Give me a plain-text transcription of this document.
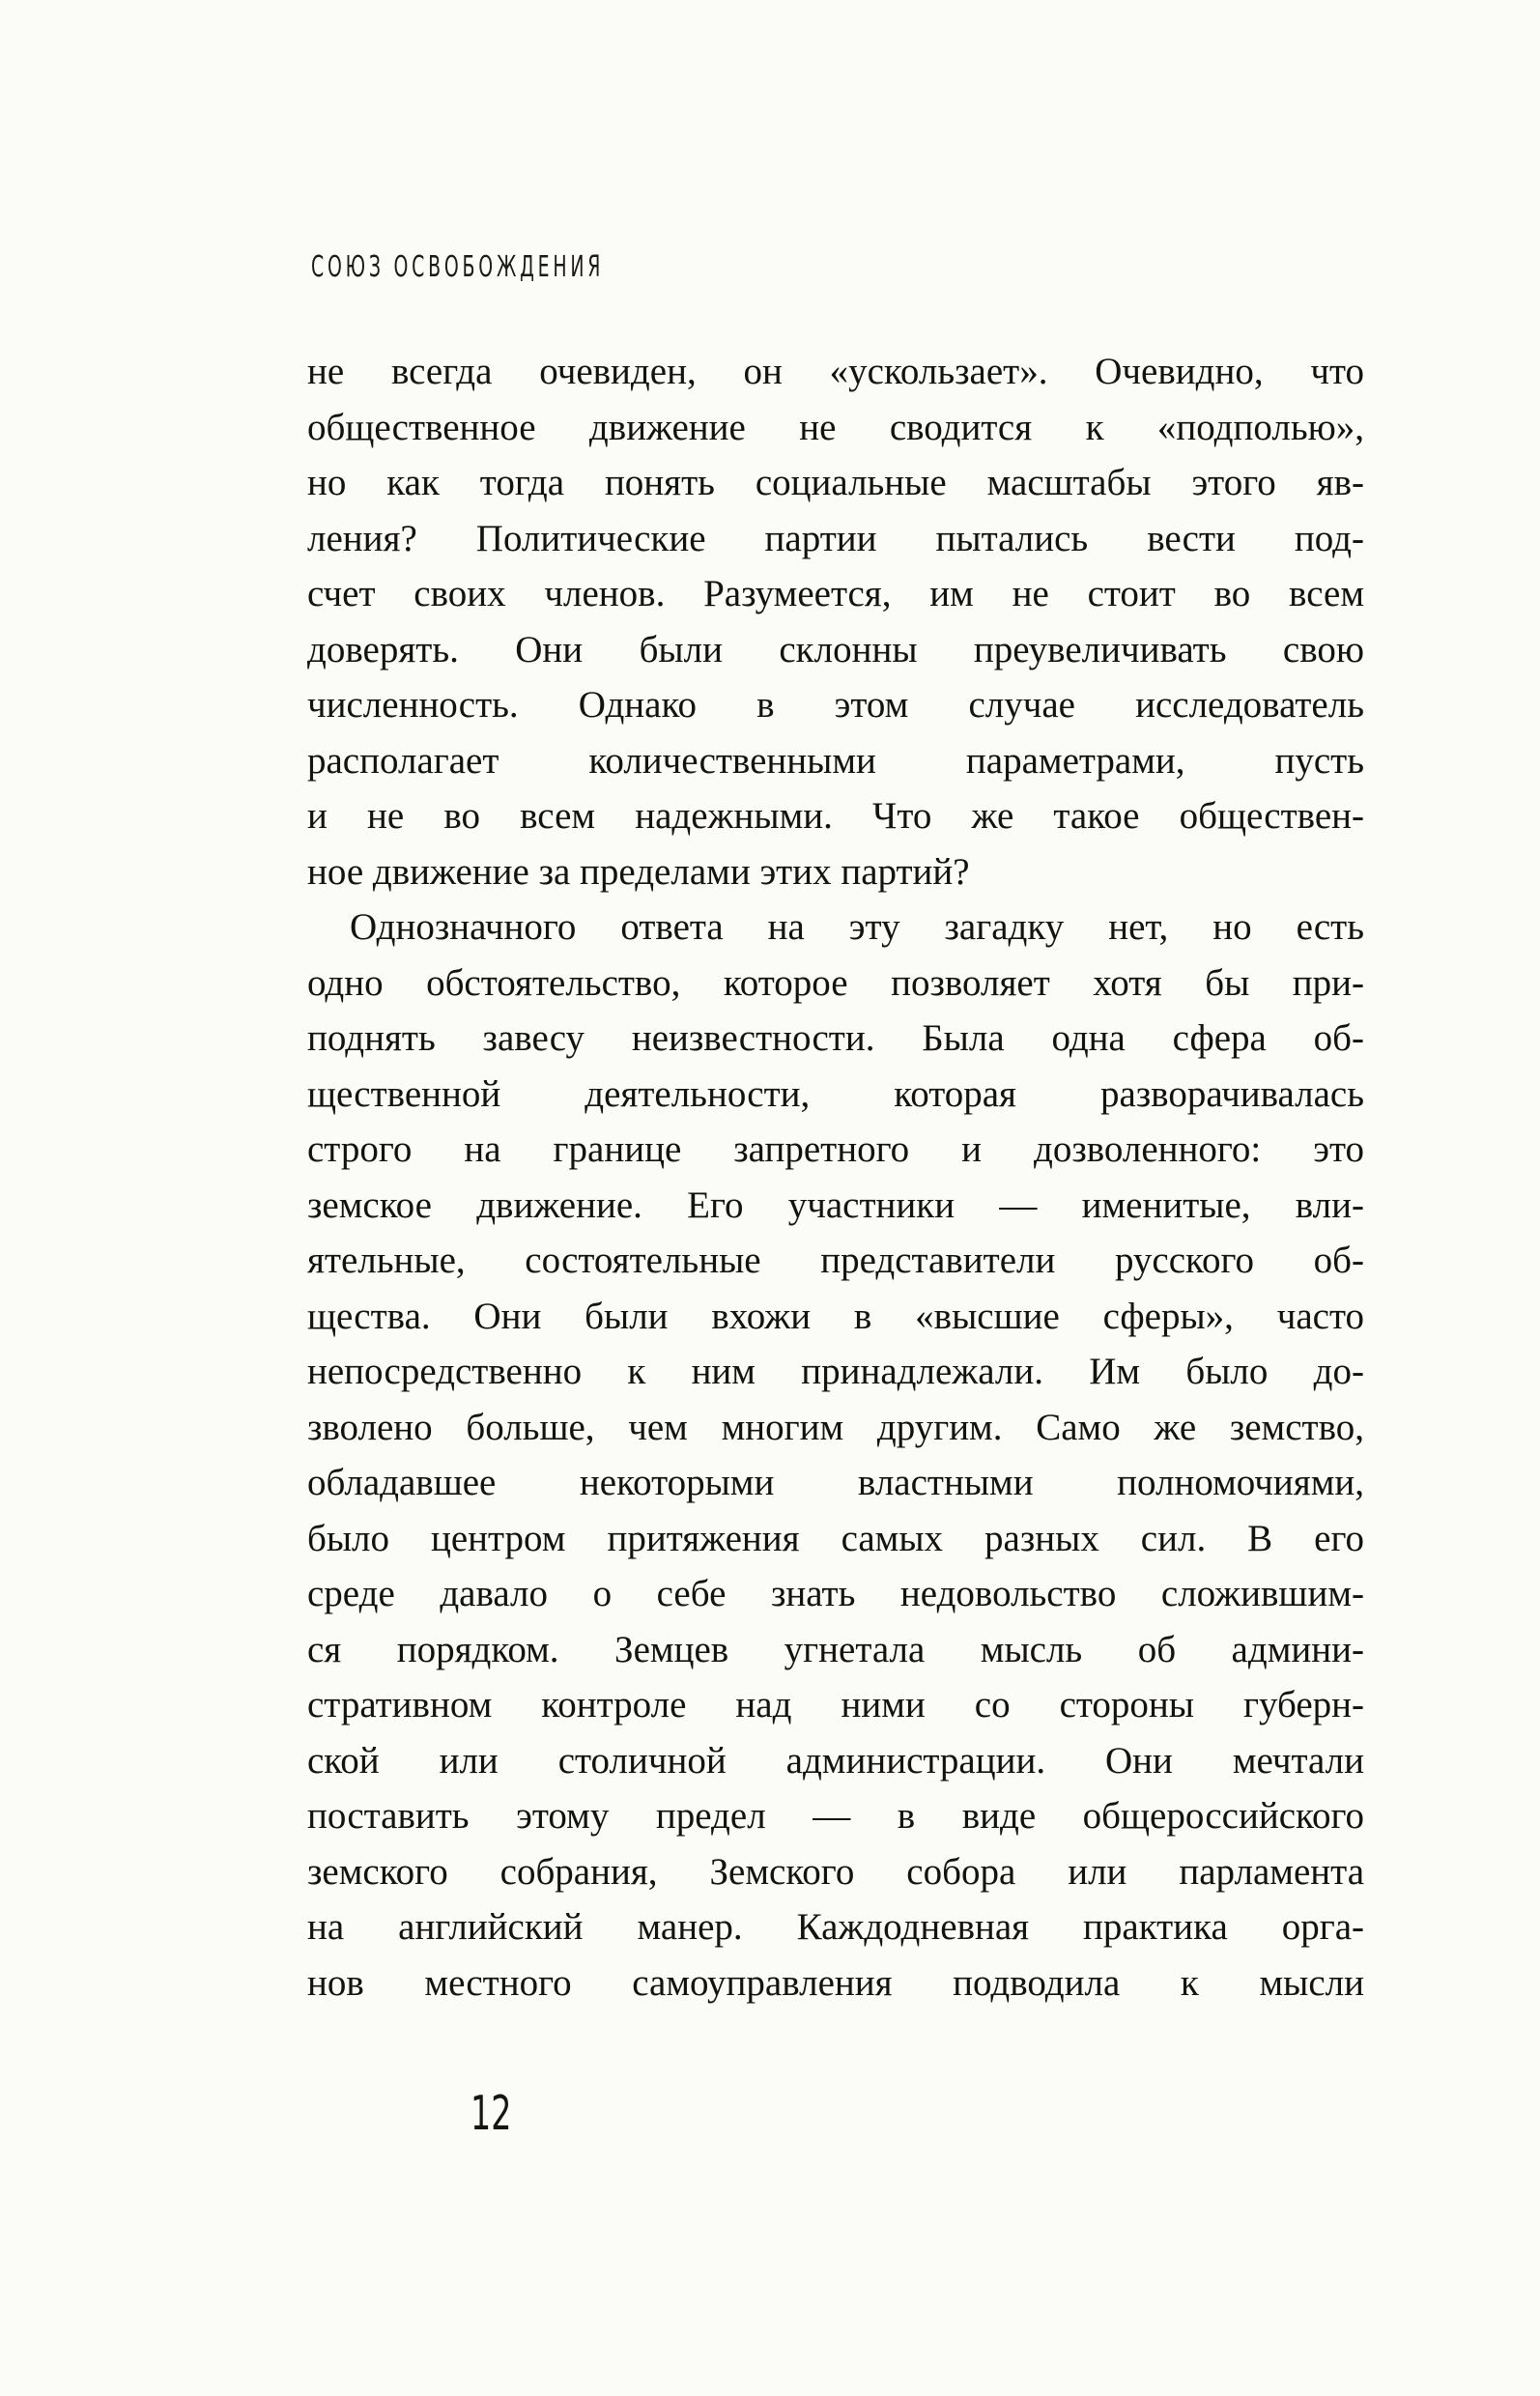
СОЮЗ ОСВОБОЖДЕНИЯ
не всегда очевиден, он «ускользает». Очевидно, что
общественное движение не сводится к «подполью»,
но как тогда понять социальные масштабы этого яв-
ления? Политические партии пытались вести под-
счет своих членов. Разумеется, им не стоит во всем
доверять. Они были склонны преувеличивать свою
численность. Однако в этом случае исследователь
располагает количественными параметрами, пусть
и не во всем надежными. Что же такое обществен-
ное движение за пределами этих партий?
Однозначного ответа на эту загадку нет, но есть
одно обстоятельство, которое позволяет хотя бы при-
поднять завесу неизвестности. Была одна сфера об-
щественной деятельности, которая разворачивалась
строго на границе запретного и дозволенного: это
земское движение. Его участники — именитые, вли-
ятельные, состоятельные представители русского об-
щества. Они были вхожи в «высшие сферы», часто
непосредственно к ним принадлежали. Им было до-
зволено больше, чем многим другим. Само же земство,
обладавшее некоторыми властными полномочиями,
было центром притяжения самых разных сил. В его
среде давало о себе знать недовольство сложившим-
ся порядком. Земцев угнетала мысль об админи-
стративном контроле над ними со стороны губерн-
ской или столичной администрации. Они мечтали
поставить этому предел — в виде общероссийского
земского собрания, Земского собора или парламента
на английский манер. Каждодневная практика орга-
нов местного самоуправления подводила к мысли
12
